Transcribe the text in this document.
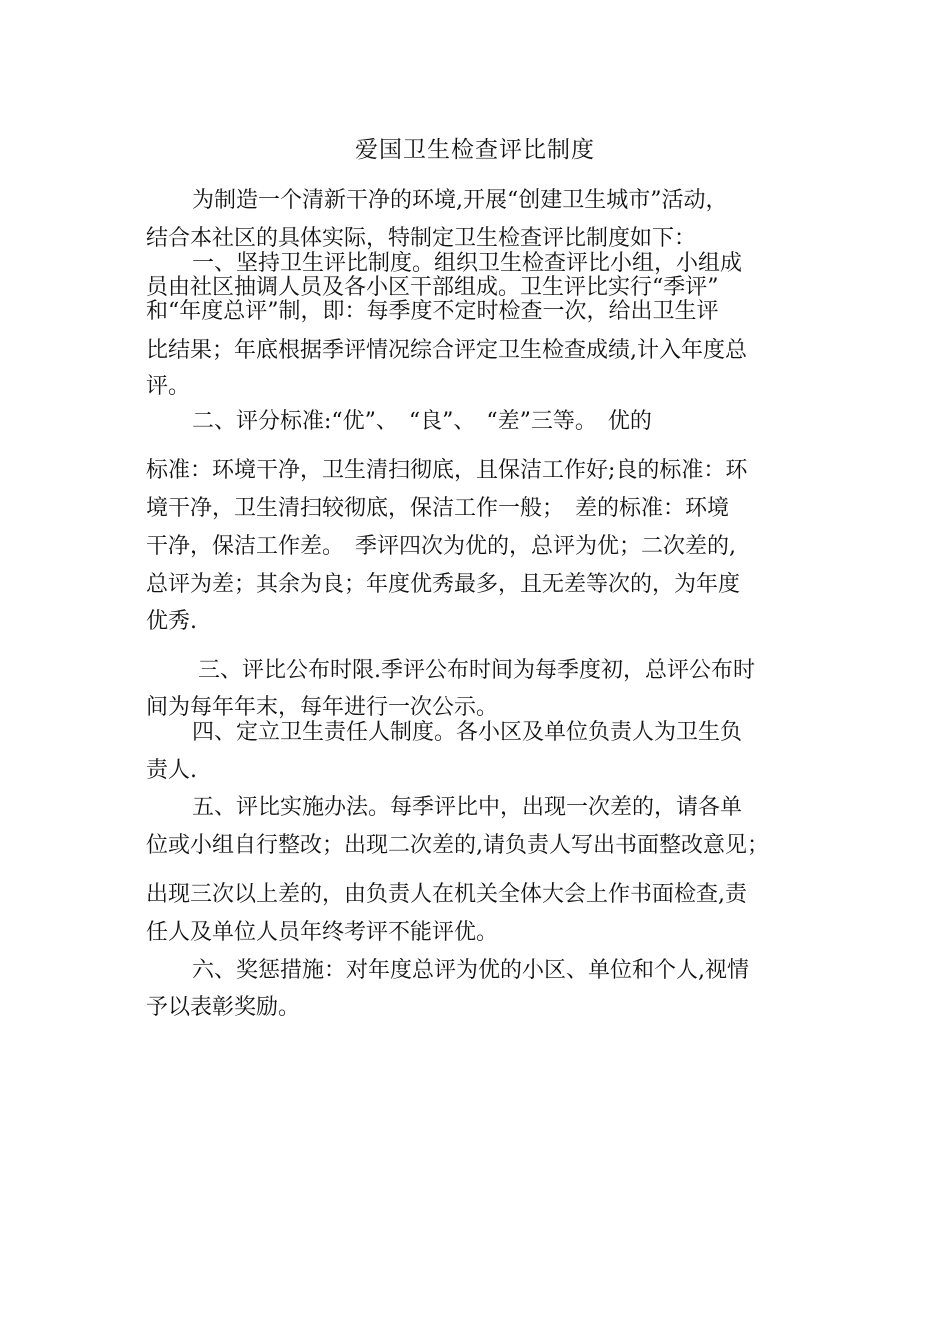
爱国卫生检查评比制度

为制造一个清新干净的环境,开展“创建卫生城市”活动，

结合本社区的具体实际，特制定卫生检查评比制度如下：

一、坚持卫生评比制度。组织卫生检查评比小组，小组成

员由社区抽调人员及各小区干部组成。卫生评比实行“季评”

和“年度总评”制，即：每季度不定时检查一次，给出卫生评

比结果；年底根据季评情况综合评定卫生检查成绩,计入年度总

评。

二、评分标准:“优”、　“良”、　“差”三等。　优的

标准：环境干净，卫生清扫彻底，且保洁工作好;良的标准：环

境干净，卫生清扫较彻底，保洁工作一般；　差的标准：环境

干净，保洁工作差。　季评四次为优的，总评为优；二次差的,

总评为差；其余为良；年度优秀最多，且无差等次的，为年度

优秀.

三、评比公布时限.季评公布时间为每季度初，总评公布时

间为每年年末，每年进行一次公示。

四、定立卫生责任人制度。各小区及单位负责人为卫生负

责人.

五、评比实施办法。每季评比中，出现一次差的，请各单

位或小组自行整改；出现二次差的,请负责人写出书面整改意见；

出现三次以上差的，由负责人在机关全体大会上作书面检查,责

任人及单位人员年终考评不能评优。

六、奖惩措施：对年度总评为优的小区、单位和个人,视情

予以表彰奖励。
